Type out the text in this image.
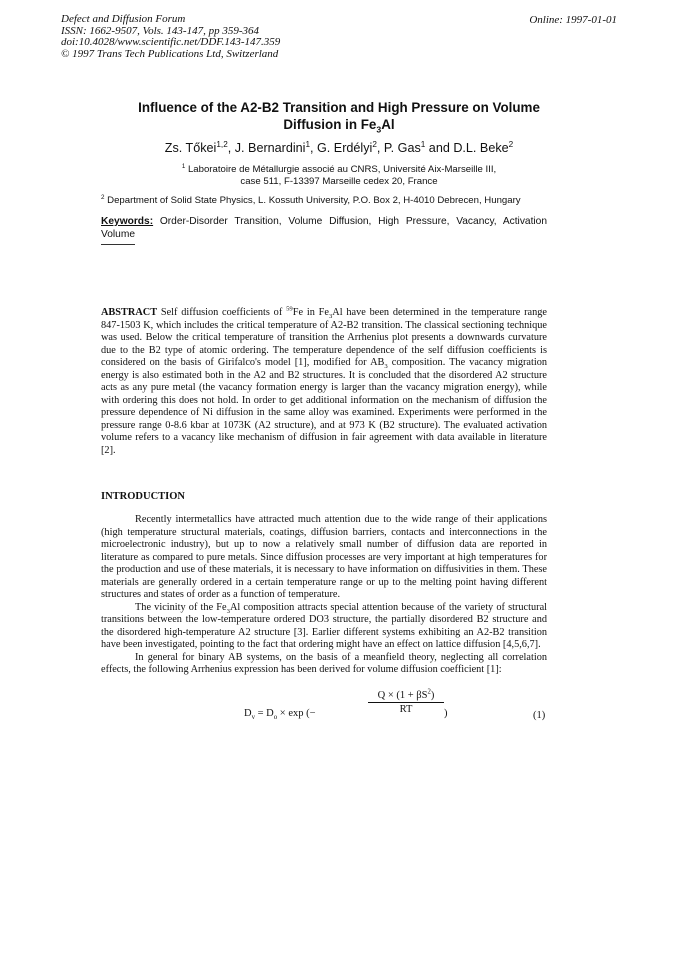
Defect and Diffusion Forum
ISSN: 1662-9507, Vols. 143-147, pp 359-364
doi:10.4028/www.scientific.net/DDF.143-147.359
© 1997 Trans Tech Publications Ltd, Switzerland
Online: 1997-01-01
Influence of the A2-B2 Transition and High Pressure on Volume
Diffusion in $Fe_3Al$
Zs. Tőkei$^{1,2}$, J. Bernardini$^1$, G. Erdélyi$^2$, P. Gas$^1$ and D.L. Beke$^2$
$^1$ Laboratoire de Métallurgie associé au CNRS, Université Aix-Marseille III,
case 511, F-13397 Marseille cedex 20, France
$^2$ Department of Solid State Physics, L. Kossuth University, P.O. Box 2, H-4010 Debrecen, Hungary
Keywords: Order-Disorder Transition, Volume Diffusion, High Pressure, Vacancy, Activation Volume
ABSTRACT Self diffusion coefficients of $^{59}$Fe in $Fe_3Al$ have been determined in the temperature range 847-1503 K, which includes the critical temperature of A2-B2 transition. The classical sectioning technique was used. Below the critical temperature of transition the Arrhenius plot presents a downwards curvature due to the B2 type of atomic ordering. The temperature dependence of the self diffusion coefficients is considered on the basis of Girifalco's model [1], modified for $AB_3$ composition. The vacancy migration energy is also estimated both in the A2 and B2 structures. It is concluded that the disordered A2 structure acts as any pure metal (the vacancy formation energy is larger than the vacancy migration energy), while with ordering this does not hold. In order to get additional information on the mechanism of diffusion the pressure dependence of Ni diffusion in the same alloy was examined. Experiments were performed in the pressure range 0-8.6 kbar at 1073K (A2 structure), and at 973 K (B2 structure). The evaluated activation volume refers to a vacancy like mechanism of diffusion in fair agreement with data available in literature [2].
INTRODUCTION

Recently intermetallics have attracted much attention due to the wide range of their applications (high temperature structural materials, coatings, diffusion barriers, contacts and interconnections in the microelectronic industry), but up to now a relatively small number of diffusion data are reported in literature as compared to pure metals. Since diffusion processes are very important at high temperatures for the production and use of these materials, it is necessary to have information on diffusivities in them. These materials are generally ordered in a certain temperature range or up to the melting point having different structures and states of order as a function of temperature.

The vicinity of the $Fe_3Al$ composition attracts special attention because of the variety of structural transitions between the low-temperature ordered DO3 structure, the partially disordered B2 structure and the disordered high-temperature A2 structure [3]. Earlier different systems exhibiting an A2-B2 transition have been investigated, pointing to the fact that ordering might have an effect on lattice diffusion [4,5,6,7].

In general for binary AB systems, on the basis of a meanfield theory, neglecting all correlation effects, the following Arrhenius expression has been derived for volume diffusion coefficient [1]:

$D_v = D_o \times \exp$ (−	$\frac{Q \times (1 + \beta S^2)}{RT}$ )	(1)
